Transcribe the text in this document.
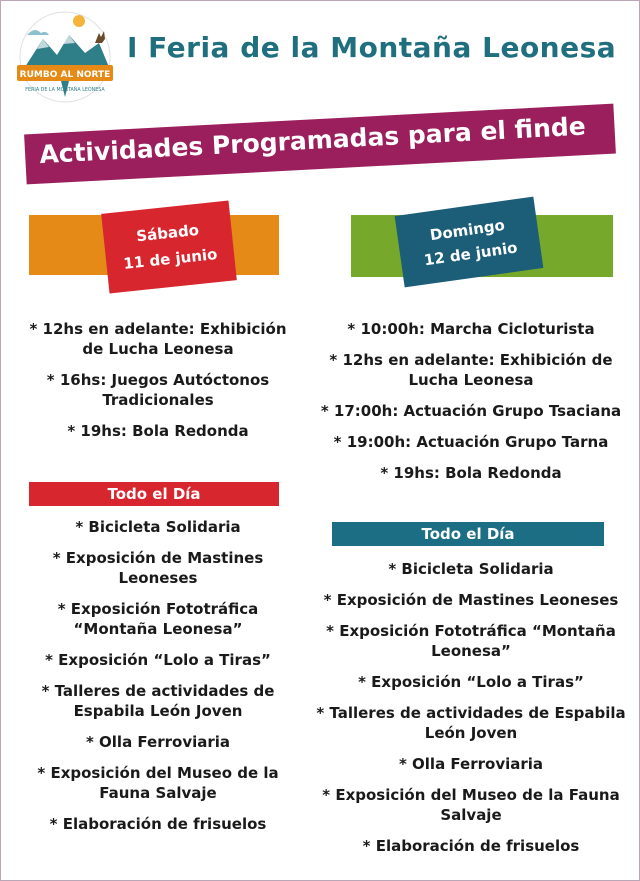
RUMBO AL NORTE
FERIA DE LA MONTAÑA LEONESA
I Feria de la Montaña Leonesa
Actividades Programadas para el finde
Sábado
11 de junio
Domingo
12 de junio
* 12hs en adelante: Exhibición de Lucha Leonesa
* 16hs: Juegos Autóctonos Tradicionales
* 19hs: Bola Redonda
* 10:00h: Marcha Cicloturista
* 12hs en adelante: Exhibición de Lucha Leonesa
* 17:00h: Actuación Grupo Tsaciana
* 19:00h: Actuación Grupo Tarna
* 19hs: Bola Redonda
Todo el Día
Todo el Día
* Bicicleta Solidaria
* Exposición de Mastines Leoneses
* Exposición Fototráfica “Montaña Leonesa”
* Exposición “Lolo a Tiras”
* Talleres de actividades de Espabila León Joven
* Olla Ferroviaria
* Exposición del Museo de la Fauna Salvaje
* Elaboración de frisuelos
* Bicicleta Solidaria
* Exposición de Mastines Leoneses
* Exposición Fototráfica “Montaña Leonesa”
* Exposición “Lolo a Tiras”
* Talleres de actividades de Espabila León Joven
* Olla Ferroviaria
* Exposición del Museo de la Fauna Salvaje
* Elaboración de frisuelos
